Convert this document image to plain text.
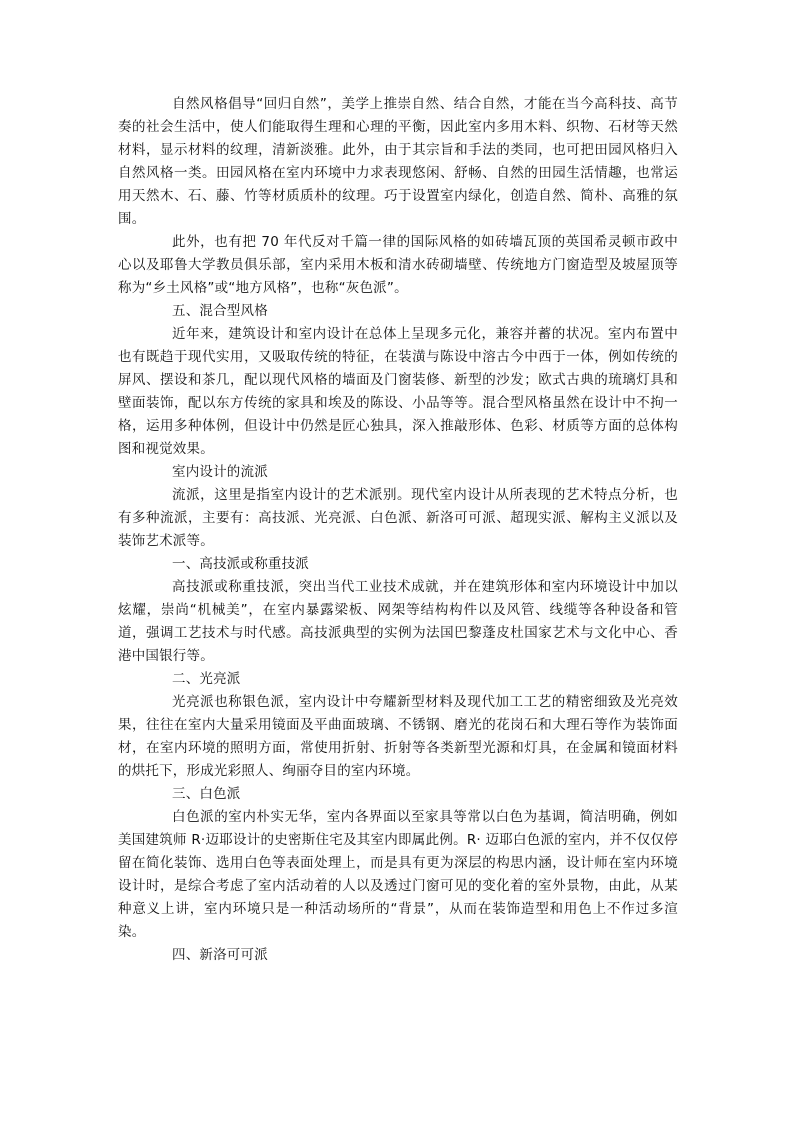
自然风格倡导“回归自然”，美学上推崇自然、结合自然，才能在当今高科技、高节奏的社会生活中，使人们能取得生理和心理的平衡，因此室内多用木料、织物、石材等天然材料，显示材料的纹理，清新淡雅。此外，由于其宗旨和手法的类同，也可把田园风格归入自然风格一类。田园风格在室内环境中力求表现悠闲、舒畅、自然的田园生活情趣，也常运用天然木、石、藤、竹等材质质朴的纹理。巧于设置室内绿化，创造自然、简朴、高雅的氛围。

此外，也有把 70 年代反对千篇一律的国际风格的如砖墙瓦顶的英国希灵顿市政中心以及耶鲁大学教员俱乐部，室内采用木板和清水砖砌墙壁、传统地方门窗造型及坡屋顶等称为“乡土风格”或“地方风格”，也称“灰色派”。

五、混合型风格

近年来，建筑设计和室内设计在总体上呈现多元化，兼容并蓄的状况。室内布置中也有既趋于现代实用，又吸取传统的特征，在装潢与陈设中溶古今中西于一体，例如传统的屏风、摆设和茶几，配以现代风格的墙面及门窗装修、新型的沙发；欧式古典的琉璃灯具和壁面装饰，配以东方传统的家具和埃及的陈设、小品等等。混合型风格虽然在设计中不拘一格，运用多种体例，但设计中仍然是匠心独具，深入推敲形体、色彩、材质等方面的总体构图和视觉效果。

室内设计的流派

流派，这里是指室内设计的艺术派别。现代室内设计从所表现的艺术特点分析，也有多种流派，主要有：高技派、光亮派、白色派、新洛可可派、超现实派、解构主义派以及装饰艺术派等。

一、高技派或称重技派

高技派或称重技派，突出当代工业技术成就，并在建筑形体和室内环境设计中加以炫耀，崇尚“机械美”，在室内暴露梁板、网架等结构构件以及风管、线缆等各种设备和管道，强调工艺技术与时代感。高技派典型的实例为法国巴黎蓬皮杜国家艺术与文化中心、香港中国银行等。

二、光亮派

光亮派也称银色派，室内设计中夸耀新型材料及现代加工工艺的精密细致及光亮效果，往往在室内大量采用镜面及平曲面玻璃、不锈钢、磨光的花岗石和大理石等作为装饰面材，在室内环境的照明方面，常使用折射、折射等各类新型光源和灯具，在金属和镜面材料的烘托下，形成光彩照人、绚丽夺目的室内环境。

三、白色派

白色派的室内朴实无华，室内各界面以至家具等常以白色为基调，简洁明确，例如美国建筑师 R·迈耶设计的史密斯住宅及其室内即属此例。R· 迈耶白色派的室内，并不仅仅停留在简化装饰、选用白色等表面处理上，而是具有更为深层的构思内涵，设计师在室内环境设计时，是综合考虑了室内活动着的人以及透过门窗可见的变化着的室外景物，由此，从某种意义上讲，室内环境只是一种活动场所的“背景”，从而在装饰造型和用色上不作过多渲染。

四、新洛可可派
